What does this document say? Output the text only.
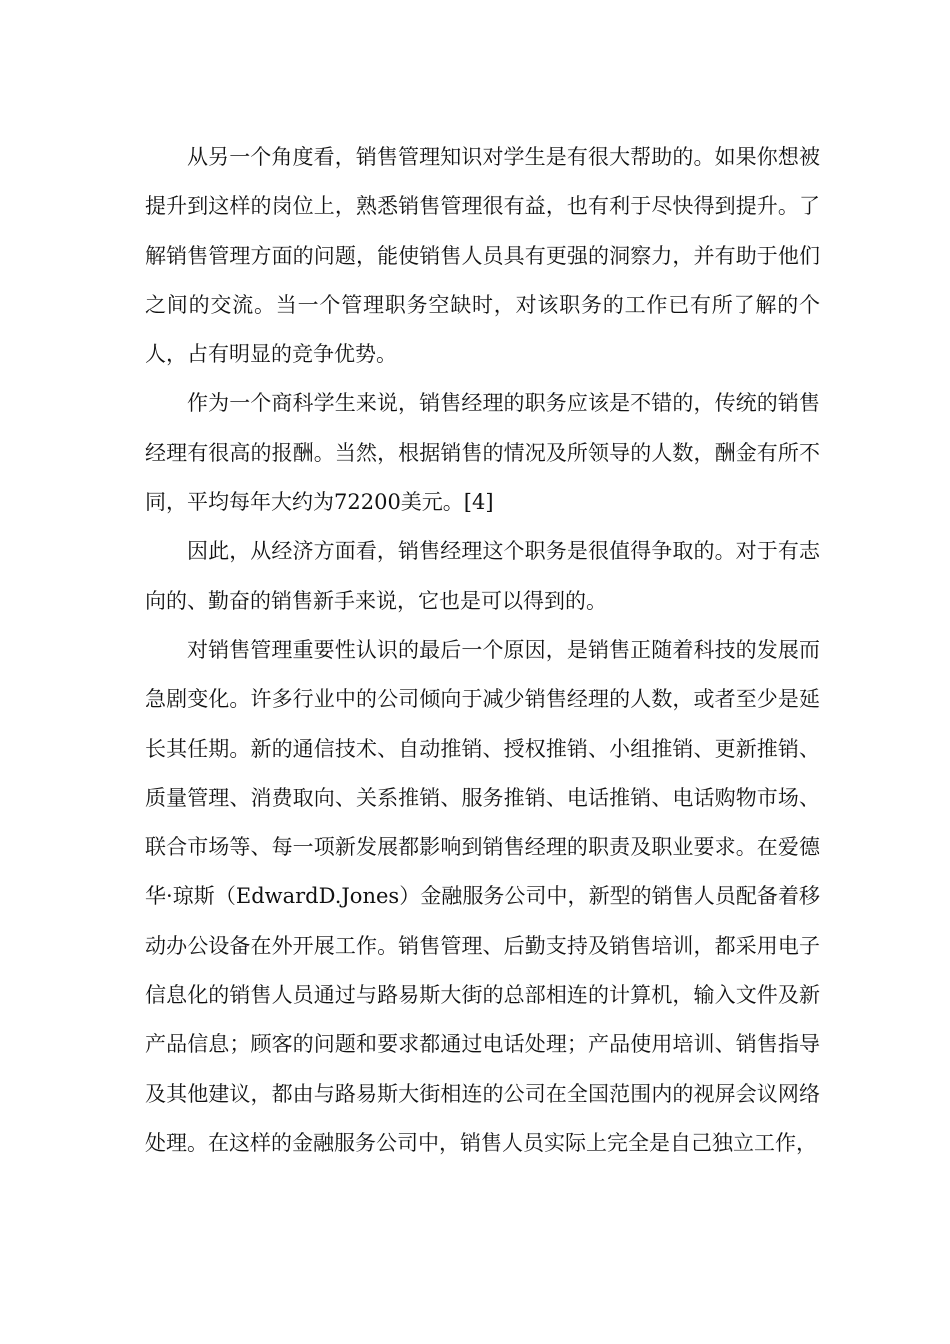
从另一个角度看，销售管理知识对学生是有很大帮助的。如果你想被提升到这样的岗位上，熟悉销售管理很有益，也有利于尽快得到提升。了解销售管理方面的问题，能使销售人员具有更强的洞察力，并有助于他们之间的交流。当一个管理职务空缺时，对该职务的工作已有所了解的个人，占有明显的竞争优势。

作为一个商科学生来说，销售经理的职务应该是不错的，传统的销售经理有很高的报酬。当然，根据销售的情况及所领导的人数，酬金有所不同，平均每年大约为72200美元。[4]

因此，从经济方面看，销售经理这个职务是很值得争取的。对于有志向的、勤奋的销售新手来说，它也是可以得到的。

对销售管理重要性认识的最后一个原因，是销售正随着科技的发展而急剧变化。许多行业中的公司倾向于减少销售经理的人数，或者至少是延长其任期。新的通信技术、自动推销、授权推销、小组推销、更新推销、质量管理、消费取向、关系推销、服务推销、电话推销、电话购物市场、联合市场等、每一项新发展都影响到销售经理的职责及职业要求。在爱德华·琼斯（EdwardD.Jones）金融服务公司中，新型的销售人员配备着移动办公设备在外开展工作。销售管理、后勤支持及销售培训，都采用电子信息化的销售人员通过与路易斯大街的总部相连的计算机，输入文件及新产品信息；顾客的问题和要求都通过电话处理；产品使用培训、销售指导及其他建议，都由与路易斯大街相连的公司在全国范围内的视屏会议网络处理。在这样的金融服务公司中，销售人员实际上完全是自己独立工作，
